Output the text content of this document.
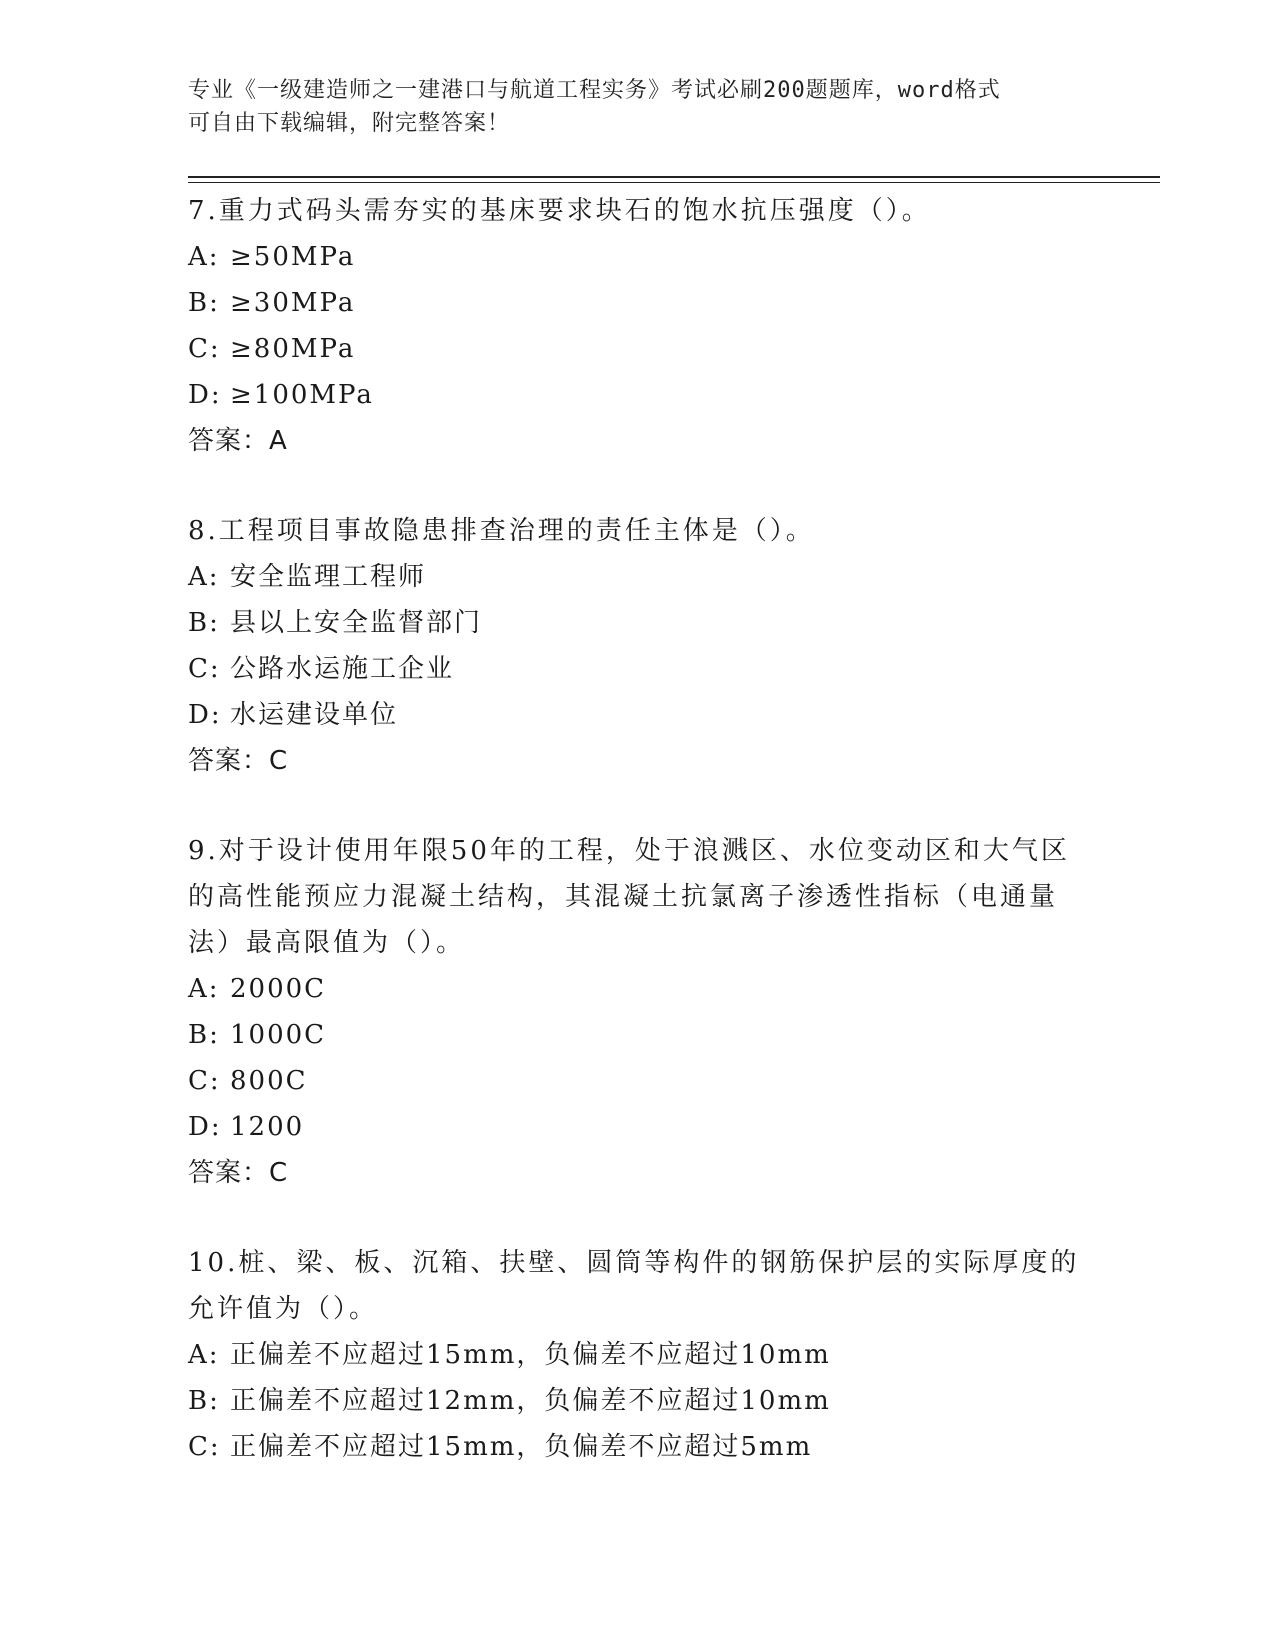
专业《一级建造师之一建港口与航道工程实务》考试必刷200题题库，word格式
可自由下载编辑，附完整答案！

7.重力式码头需夯实的基床要求块石的饱水抗压强度（）。

A: ≥50MPa

B: ≥30MPa

C: ≥80MPa

D: ≥100MPa

答案：A

8.工程项目事故隐患排查治理的责任主体是（）。

A: 安全监理工程师

B: 县以上安全监督部门

C: 公路水运施工企业

D: 水运建设单位

答案：C

9.对于设计使用年限50年的工程，处于浪溅区、水位变动区和大气区的高性能预应力混凝土结构，其混凝土抗氯离子渗透性指标（电通量法）最高限值为（）。

A: 2000C

B: 1000C

C: 800C

D: 1200

答案：C

10.桩、梁、板、沉箱、扶壁、圆筒等构件的钢筋保护层的实际厚度的允许值为（）。

A: 正偏差不应超过15mm，负偏差不应超过10mm

B: 正偏差不应超过12mm，负偏差不应超过10mm

C: 正偏差不应超过15mm，负偏差不应超过5mm
